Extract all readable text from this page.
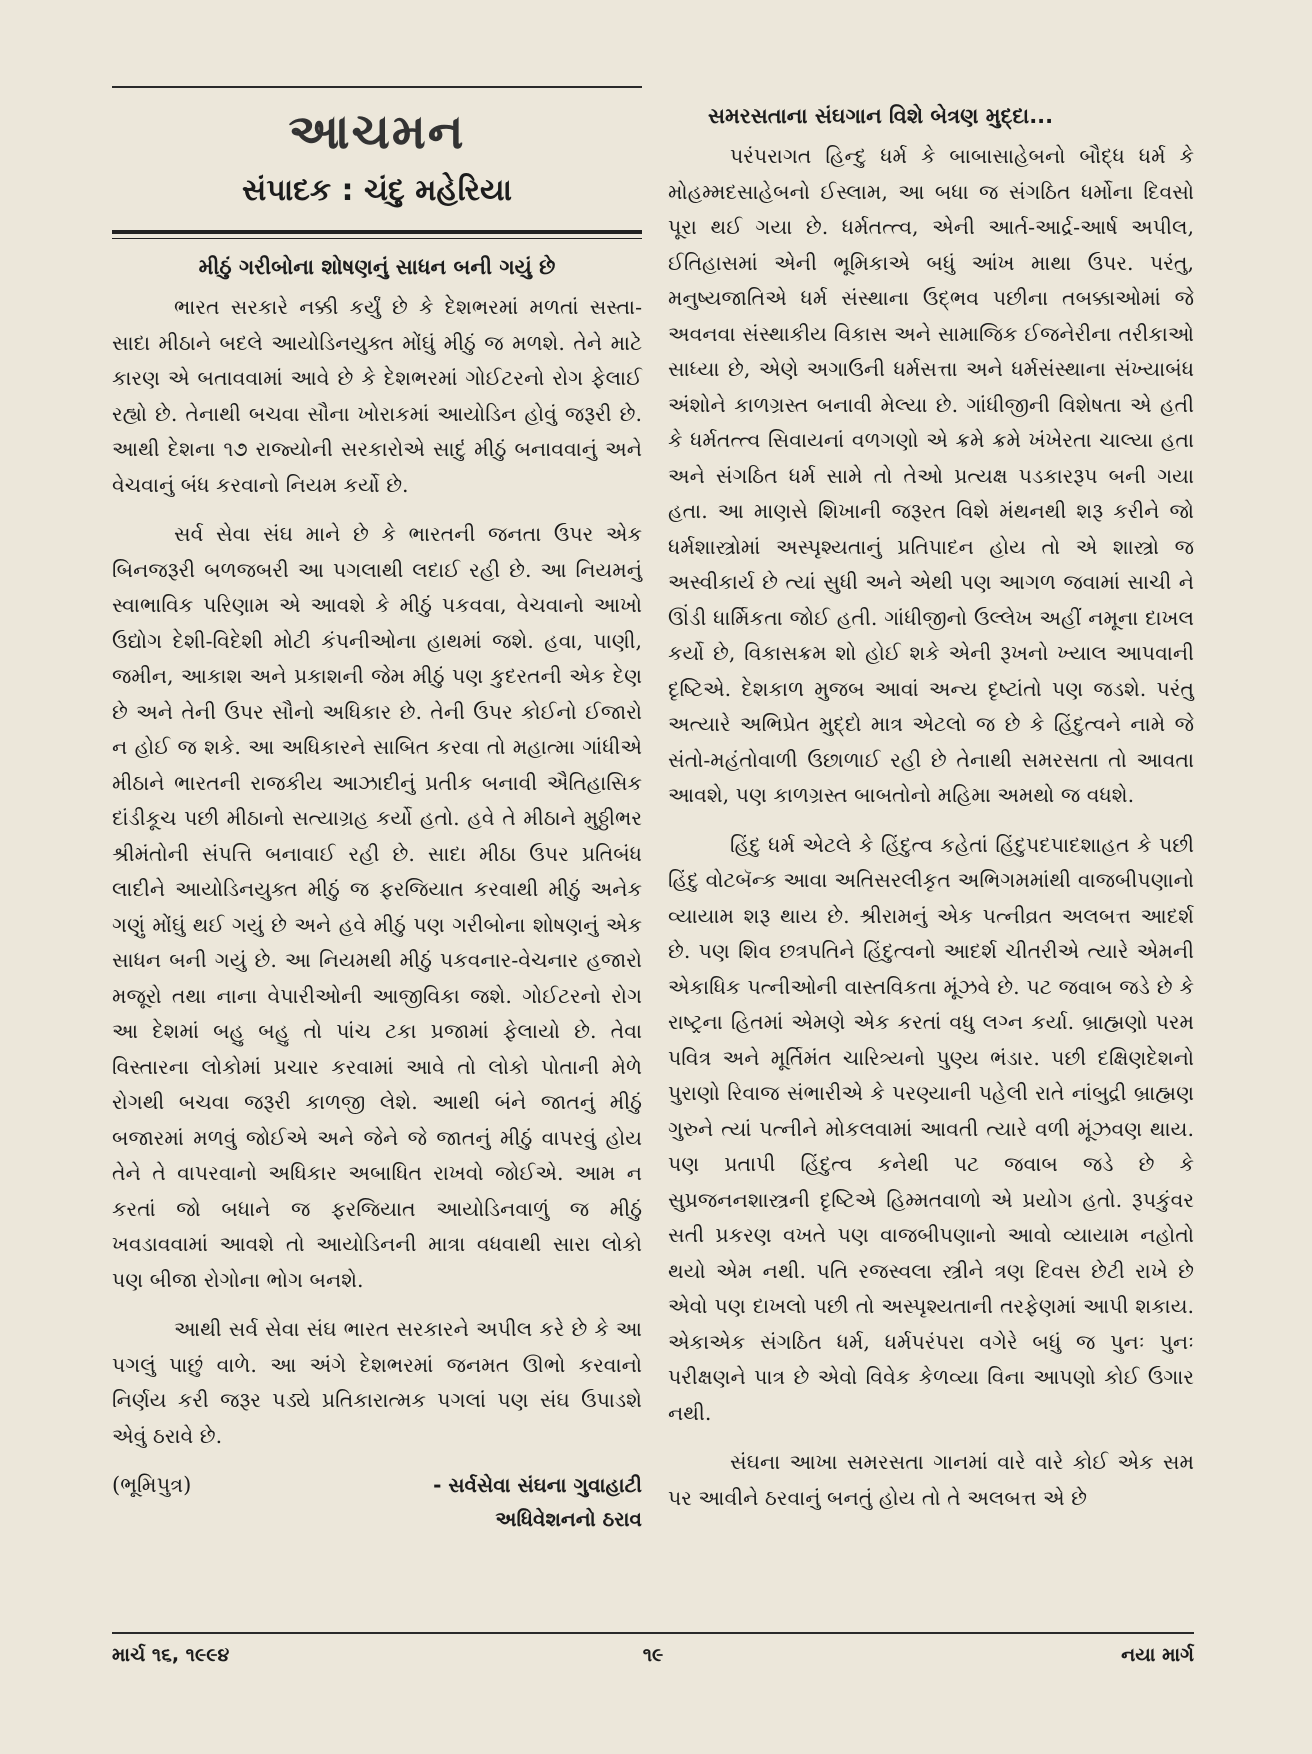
આચમન
સંપાદક : ચંદુ મહેરિયા
મીઠું ગરીબોના શોષણનું સાધન બની ગયું છે

ભારત સરકારે નક્કી કર્યું છે કે દેશભરમાં મળતાં સસ્તા-સાદા મીઠાને બદલે આયોડિનયુક્ત મોંઘું મીઠું જ મળશે. તેને માટે કારણ એ બતાવવામાં આવે છે કે દેશભરમાં ગોઈટરનો રોગ ફેલાઈ રહ્યો છે. તેનાથી બચવા સૌના ખોરાકમાં આયોડિન હોવું જરૂરી છે. આથી દેશના ૧૭ રાજ્યોની સરકારોએ સાદું મીઠું બનાવવાનું અને વેચવાનું બંધ કરવાનો નિયમ કર્યો છે.

સર્વ સેવા સંઘ માને છે કે ભારતની જનતા ઉપર એક બિનજરૂરી બળજબરી આ પગલાથી લદાઈ રહી છે. આ નિયમનું સ્વાભાવિક પરિણામ એ આવશે કે મીઠું પકવવા, વેચવાનો આખો ઉદ્યોગ દેશી-વિદેશી મોટી કંપનીઓના હાથમાં જશે. હવા, પાણી, જમીન, આકાશ અને પ્રકાશની જેમ મીઠું પણ કુદરતની એક દેણ છે અને તેની ઉપર સૌનો અધિકાર છે. તેની ઉપર કોઈનો ઈજારો ન હોઈ જ શકે. આ અધિકારને સાબિત કરવા તો મહાત્મા ગાંધીએ મીઠાને ભારતની રાજકીય આઝાદીનું પ્રતીક બનાવી ઐતિહાસિક દાંડીકૂચ પછી મીઠાનો સત્યાગ્રહ કર્યો હતો. હવે તે મીઠાને મુઠ્ઠીભર શ્રીમંતોની સંપત્તિ બનાવાઈ રહી છે. સાદા મીઠા ઉપર પ્રતિબંધ લાદીને આયોડિનયુક્ત મીઠું જ ફરજિયાત કરવાથી મીઠું અનેક ગણું મોંઘું થઈ ગયું છે અને હવે મીઠું પણ ગરીબોના શોષણનું એક સાધન બની ગયું છે. આ નિયમથી મીઠું પકવનાર-વેચનાર હજારો મજૂરો તથા નાના વેપારીઓની આજીવિકા જશે. ગોઈટરનો રોગ આ દેશમાં બહુ બહુ તો પાંચ ટકા પ્રજામાં ફેલાયો છે. તેવા વિસ્તારના લોકોમાં પ્રચાર કરવામાં આવે તો લોકો પોતાની મેળે રોગથી બચવા જરૂરી કાળજી લેશે. આથી બંને જાતનું મીઠું બજારમાં મળવું જોઈએ અને જેને જે જાતનું મીઠું વાપરવું હોય તેને તે વાપરવાનો અધિકાર અબાધિત રાખવો જોઈએ. આમ ન કરતાં જો બધાને જ ફરજિયાત આયોડિનવાળું જ મીઠું ખવડાવવામાં આવશે તો આયોડિનની માત્રા વધવાથી સારા લોકો પણ બીજા રોગોના ભોગ બનશે.

આથી સર્વ સેવા સંઘ ભારત સરકારને અપીલ કરે છે કે આ પગલું પાછું વાળે. આ અંગે દેશભરમાં જનમત ઊભો કરવાનો નિર્ણય કરી જરૂર પડ્યે પ્રતિકારાત્મક પગલાં પણ સંઘ ઉપાડશે એવું ઠરાવે છે.

(ભૂમિપુત્ર)	- સર્વસેવા સંઘના ગુવાહાટી
અધિવેશનનો ઠરાવ
સમરસતાના સંઘગાન વિશે બેત્રણ મુદ્દા...

પરંપરાગત હિન્દુ ધર્મ કે બાબાસાહેબનો બૌદ્ધ ધર્મ કે મોહમ્મદસાહેબનો ઈસ્લામ, આ બધા જ સંગઠિત ધર્મોના દિવસો પૂરા થઈ ગયા છે. ધર્મતત્ત્વ, એની આર્ત-આર્દ્ર-આર્ષ અપીલ, ઈતિહાસમાં એની ભૂમિકાએ બધું આંખ માથા ઉપર. પરંતુ, મનુષ્યજાતિએ ધર્મ સંસ્થાના ઉદ્ભવ પછીના તબક્કાઓમાં જે અવનવા સંસ્થાકીય વિકાસ અને સામાજિક ઈજનેરીના તરીકાઓ સાધ્યા છે, એણે અગાઉની ધર્મસત્તા અને ધર્મસંસ્થાના સંખ્યાબંધ અંશોને કાળગ્રસ્ત બનાવી મેલ્યા છે. ગાંધીજીની વિશેષતા એ હતી કે ધર્મતત્ત્વ સિવાયનાં વળગણો એ ક્રમે ક્રમે ખંખેરતા ચાલ્યા હતા અને સંગઠિત ધર્મ સામે તો તેઓ પ્રત્યક્ષ પડકારરૂપ બની ગયા હતા. આ માણસે શિખાની જરૂરત વિશે મંથનથી શરૂ કરીને જો ધર્મશાસ્ત્રોમાં અસ્પૃશ્યતાનું પ્રતિપાદન હોય તો એ શાસ્ત્રો જ અસ્વીકાર્ય છે ત્યાં સુધી અને એથી પણ આગળ જવામાં સાચી ને ઊંડી ધાર્મિકતા જોઈ હતી. ગાંધીજીનો ઉલ્લેખ અહીં નમૂના દાખલ કર્યો છે, વિકાસક્રમ શો હોઈ શકે એની રૂખનો ખ્યાલ આપવાની દૃષ્ટિએ. દેશકાળ મુજબ આવાં અન્ય દૃષ્ટાંતો પણ જડશે. પરંતુ અત્યારે અભિપ્રેત મુદ્દો માત્ર એટલો જ છે કે હિંદુત્વને નામે જે સંતો-મહંતોવાળી ઉછાળાઈ રહી છે તેનાથી સમરસતા તો આવતા આવશે, પણ કાળગ્રસ્ત બાબતોનો મહિમા અમથો જ વધશે.

હિંદુ ધર્મ એટલે કે હિંદુત્વ કહેતાં હિંદુપદપાદશાહત કે પછી હિંદુ વોટબૅન્ક આવા અતિસરલીકૃત અભિગમમાંથી વાજબીપણાનો વ્યાયામ શરૂ થાય છે. શ્રીરામનું એક પત્નીવ્રત અલબત્ત આદર્શ છે. પણ શિવ છત્રપતિને હિંદુત્વનો આદર્શ ચીતરીએ ત્યારે એમની એકાધિક પત્નીઓની વાસ્તવિકતા મૂંઝવે છે. પટ જવાબ જડે છે કે રાષ્ટ્રના હિતમાં એમણે એક કરતાં વધુ લગ્ન કર્યા. બ્રાહ્મણો પરમ પવિત્ર અને મૂર્તિમંત ચારિત્ર્યનો પુણ્ય ભંડાર. પછી દક્ષિણદેશનો પુરાણો રિવાજ સંભારીએ કે પરણ્યાની પહેલી રાતે નાંબુદ્રી બ્રાહ્મણ ગુરુને ત્યાં પત્નીને મોકલવામાં આવતી ત્યારે વળી મૂંઝવણ થાય. પણ પ્રતાપી હિંદુત્વ કનેથી પટ જવાબ જડે છે કે સુપ્રજનનશાસ્ત્રની દૃષ્ટિએ હિમ્મતવાળો એ પ્રયોગ હતો. રૂપકુંવર સતી પ્રકરણ વખતે પણ વાજબીપણાનો આવો વ્યાયામ નહોતો થયો એમ નથી. પતિ રજસ્વલા સ્ત્રીને ત્રણ દિવસ છેટી રાખે છે એવો પણ દાખલો પછી તો અસ્પૃશ્યતાની તરફેણમાં આપી શકાય. એકાએક સંગઠિત ધર્મ, ધર્મપરંપરા વગેરે બધું જ પુનઃ પુનઃ પરીક્ષણને પાત્ર છે એવો વિવેક કેળવ્યા વિના આપણો કોઈ ઉગાર નથી.

સંઘના આખા સમરસતા ગાનમાં વારે વારે કોઈ એક સમ પર આવીને ઠરવાનું બનતું હોય તો તે અલબત્ત એ છે

માર્ચ ૧૬, ૧૯૯૪	૧૯	નયા માર્ગ
